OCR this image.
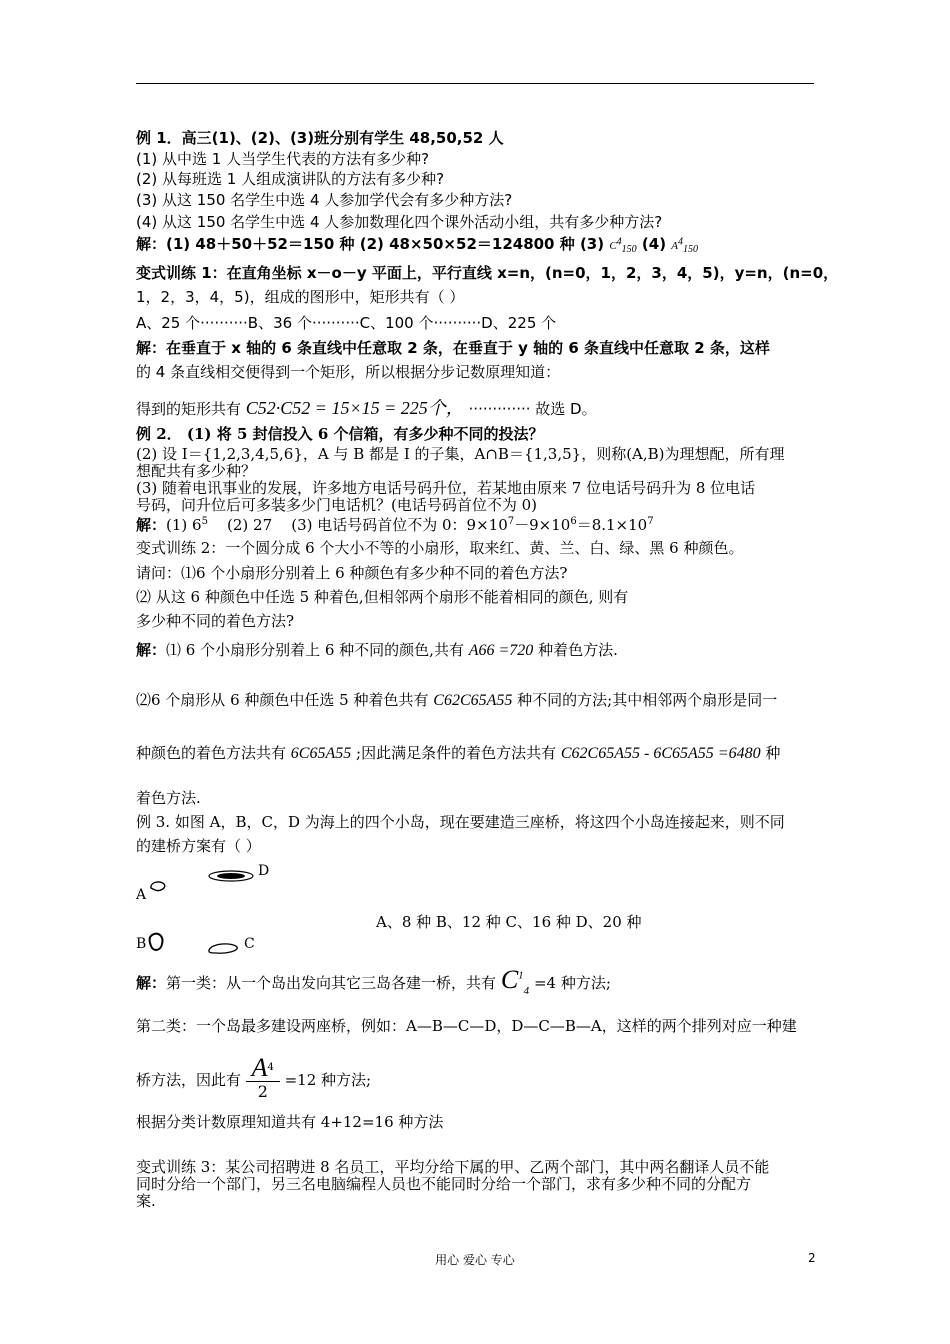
例 1．高三(1)、(2)、(3)班分别有学生 48,50,52 人
(1) 从中选 1 人当学生代表的方法有多少种?
(2) 从每班选 1 人组成演讲队的方法有多少种?
(3) 从这 150 名学生中选 4 人参加学代会有多少种方法?
(4) 从这 150 名学生中选 4 人参加数理化四个课外活动小组，共有多少种方法?
解：(1) 48＋50＋52＝150 种 (2) 48×50×52＝124800 种 (3) $C^4_{150}$ (4) $A^4_{150}$
变式训练 1：在直角坐标 x－o－y 平面上，平行直线 x=n，(n=0，1，2，3，4，5)，y=n，(n=0，
1，2，3，4，5)，组成的图形中，矩形共有（ ）
A、25 个··········B、36 个··········C、100 个··········D、225 个
解：在垂直于 x 轴的 6 条直线中任意取 2 条，在垂直于 y 轴的 6 条直线中任意取 2 条，这样
的 4 条直线相交便得到一个矩形，所以根据分步记数原理知道：
得到的矩形共有 C52·C52 = 15×15 = 225个， ············· 故选 D。
例 2． (1) 将 5 封信投入 6 个信箱，有多少种不同的投法？
(2) 设 I＝{1,2,3,4,5,6}，A 与 B 都是 I 的子集，A∩B＝{1,3,5}，则称(A,B)为理想配，所有理
想配共有多少种？
(3) 随着电讯事业的发展，许多地方电话号码升位，若某地由原来 7 位电话号码升为 8 位电话
号码，问升位后可多装多少门电话机？(电话号码首位不为 0)
解：(1) $6^5$ (2) 27 (3) 电话号码首位不为 0：$9\times 10^7-9\times 10^6=8.1\times 10^7$
变式训练 2：一个圆分成 6 个大小不等的小扇形，取来红、黄、兰、白、绿、黑 6 种颜色。
请问：⑴6 个小扇形分别着上 6 种颜色有多少种不同的着色方法?
⑵ 从这 6 种颜色中任选 5 种着色,但相邻两个扇形不能着相同的颜色, 则有
多少种不同的着色方法?
解：⑴ 6 个小扇形分别着上 6 种不同的颜色,共有 A66 =720 种着色方法.
⑵6 个扇形从 6 种颜色中任选 5 种着色共有 C62C65A55 种不同的方法;其中相邻两个扇形是同一
种颜色的着色方法共有 6C65A55 ;因此满足条件的着色方法共有 C62C65A55 - 6C65A55 =6480 种
着色方法.
例 3. 如图 A，B，C，D 为海上的四个小岛，现在要建造三座桥，将这四个小岛连接起来，则不同
的建桥方案有（ ）
D
A
A、8 种 B、12 种 C、16 种 D、20 种
B	C
解：第一类：从一个岛出发向其它三岛各建一桥，共有 $C^1_4 =4$ 种方法;
第二类：一个岛最多建设两座桥，例如：A—B—C—D，D—C—B—A，这样的两个排列对应一种建
桥方法，因此有 $\frac{A^4}{2} =12$ 种方法;
根据分类计数原理知道共有 4+12=16 种方法
变式训练 3：某公司招聘进 8 名员工，平均分给下属的甲、乙两个部门，其中两名翻译人员不能
同时分给一个部门，另三名电脑编程人员也不能同时分给一个部门，求有多少种不同的分配方
案.
用心 爱心 专心	2
